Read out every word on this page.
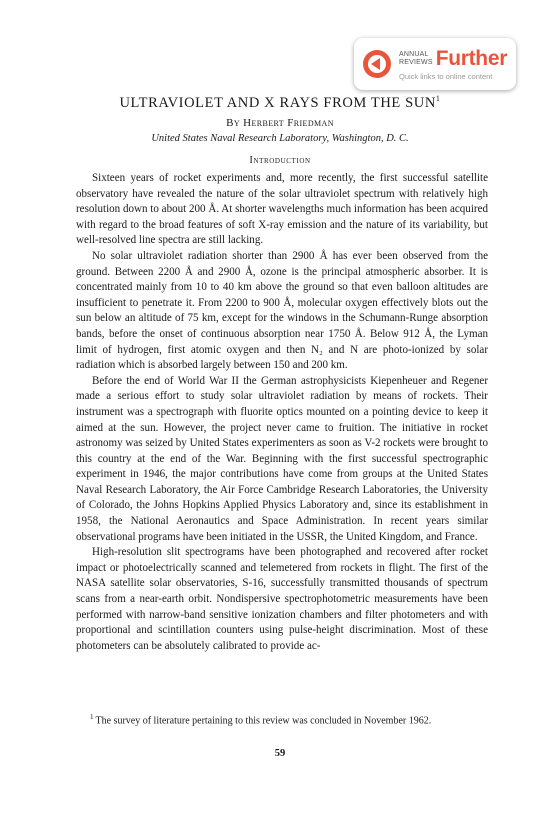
ANNUAL
REVIEWS Further
Quick links to online content
ULTRAVIOLET AND X RAYS FROM THE SUN$^1$
By Herbert Friedman
United States Naval Research Laboratory, Washington, D. C.
Introduction

Sixteen years of rocket experiments and, more recently, the first successful satellite observatory have revealed the nature of the solar ultraviolet spectrum with relatively high resolution down to about 200 Å. At shorter wavelengths much information has been acquired with regard to the broad features of soft X-ray emission and the nature of its variability, but well-resolved line spectra are still lacking.

No solar ultraviolet radiation shorter than 2900 Å has ever been observed from the ground. Between 2200 Å and 2900 Å, ozone is the principal atmospheric absorber. It is concentrated mainly from 10 to 40 km above the ground so that even balloon altitudes are insufficient to penetrate it. From 2200 to 900 Å, molecular oxygen effectively blots out the sun below an altitude of 75 km, except for the windows in the Schumann-Runge absorption bands, before the onset of continuous absorption near 1750 Å. Below 912 Å, the Lyman limit of hydrogen, first atomic oxygen and then N₂ and N are photo-ionized by solar radiation which is absorbed largely between 150 and 200 km.

Before the end of World War II the German astrophysicists Kiepenheuer and Regener made a serious effort to study solar ultraviolet radiation by means of rockets. Their instrument was a spectrograph with fluorite optics mounted on a pointing device to keep it aimed at the sun. However, the project never came to fruition. The initiative in rocket astronomy was seized by United States experimenters as soon as V-2 rockets were brought to this country at the end of the War. Beginning with the first successful spectrographic experiment in 1946, the major contributions have come from groups at the United States Naval Research Laboratory, the Air Force Cambridge Research Laboratories, the University of Colorado, the Johns Hopkins Applied Physics Laboratory and, since its establishment in 1958, the National Aeronautics and Space Administration. In recent years similar observational programs have been initiated in the USSR, the United Kingdom, and France.

High-resolution slit spectrograms have been photographed and recovered after rocket impact or photoelectrically scanned and telemetered from rockets in flight. The first of the NASA satellite solar observatories, S-16, successfully transmitted thousands of spectrum scans from a near-earth orbit. Nondispersive spectrophotometric measurements have been performed with narrow-band sensitive ionization chambers and filter photometers and with proportional and scintillation counters using pulse-height discrimination. Most of these photometers can be absolutely calibrated to provide ac-

$^1$ The survey of literature pertaining to this review was concluded in November 1962.
59
